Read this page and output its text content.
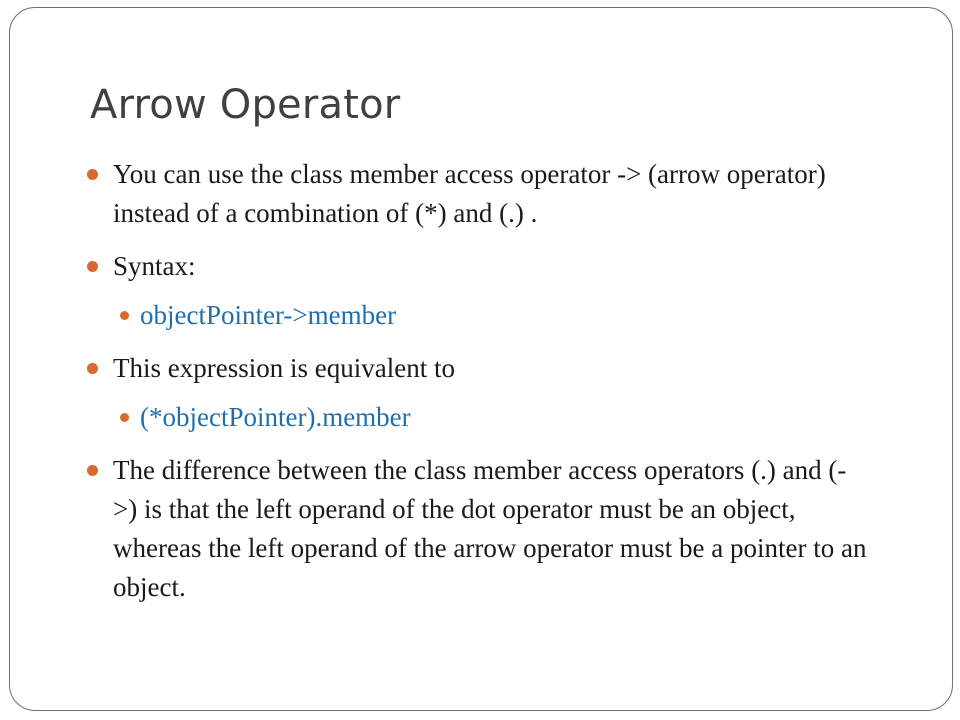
Arrow Operator
You can use the class member access operator -> (arrow operator) instead of a combination of (*) and (.) .
Syntax:
objectPointer->member
This expression is equivalent to
(*objectPointer).member
The difference between the class member access operators (.) and (->) is that the left operand of the dot operator must be an object, whereas the left operand of the arrow operator must be a pointer to an object.
